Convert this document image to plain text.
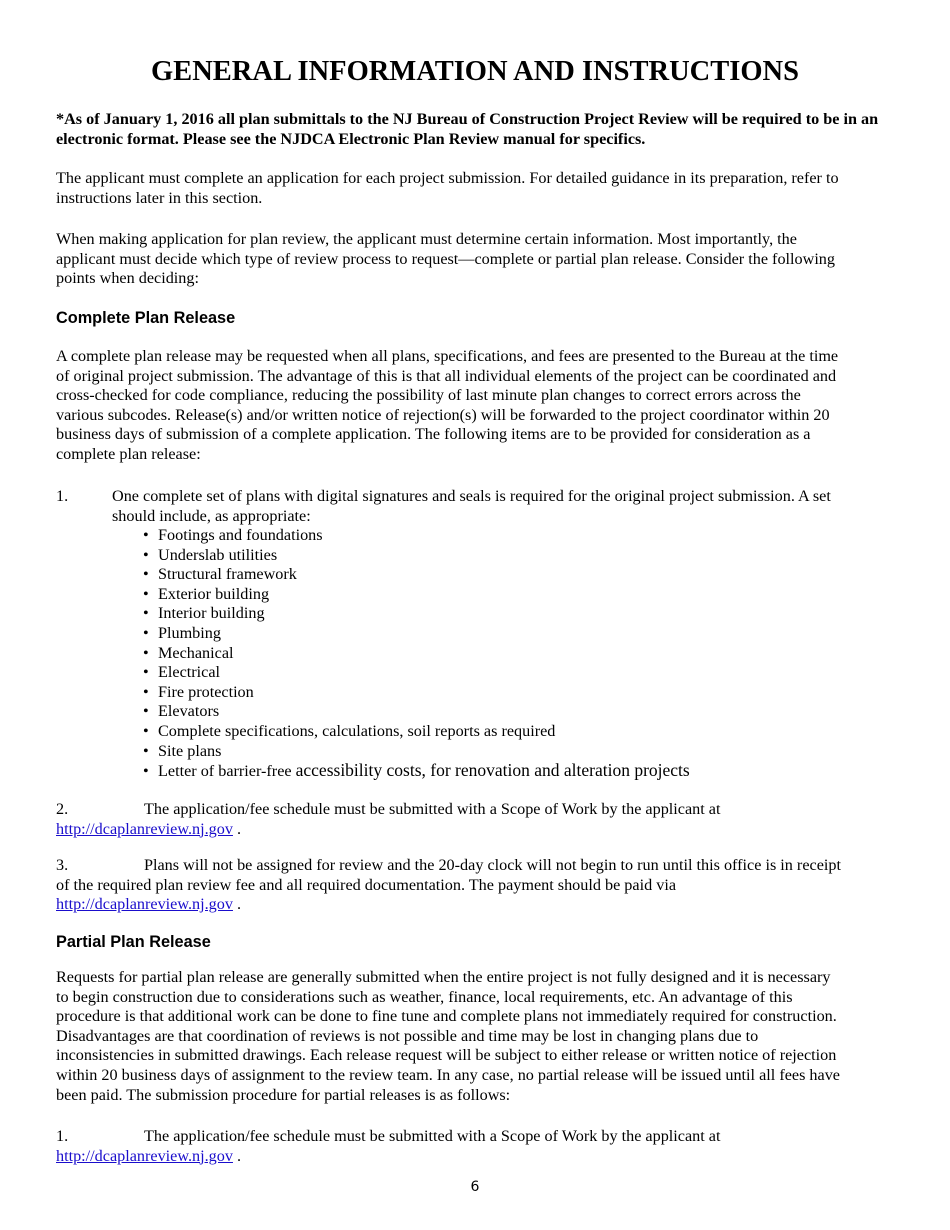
GENERAL INFORMATION AND INSTRUCTIONS

*As of January 1, 2016 all plan submittals to the NJ Bureau of Construction Project Review will be required to be in an electronic format. Please see the NJDCA Electronic Plan Review manual for specifics.

The applicant must complete an application for each project submission. For detailed guidance in its preparation, refer to instructions later in this section.

When making application for plan review, the applicant must determine certain information. Most importantly, the applicant must decide which type of review process to request—complete or partial plan release. Consider the following points when deciding:

Complete Plan Release

A complete plan release may be requested when all plans, specifications, and fees are presented to the Bureau at the time of original project submission. The advantage of this is that all individual elements of the project can be coordinated and cross-checked for code compliance, reducing the possibility of last minute plan changes to correct errors across the various subcodes. Release(s) and/or written notice of rejection(s) will be forwarded to the project coordinator within 20 business days of submission of a complete application. The following items are to be provided for consideration as a complete plan release:

1.	One complete set of plans with digital signatures and seals is required for the original project submission. A set should include, as appropriate:
• Footings and foundations
• Underslab utilities
• Structural framework
• Exterior building
• Interior building
• Plumbing
• Mechanical
• Electrical
• Fire protection
• Elevators
• Complete specifications, calculations, soil reports as required
• Site plans
• Letter of barrier-free accessibility costs, for renovation and alteration projects

2.	The application/fee schedule must be submitted with a Scope of Work by the applicant at
http://dcaplanreview.nj.gov .

3.	Plans will not be assigned for review and the 20-day clock will not begin to run until this office is in receipt of the required plan review fee and all required documentation. The payment should be paid via http://dcaplanreview.nj.gov .

Partial Plan Release

Requests for partial plan release are generally submitted when the entire project is not fully designed and it is necessary to begin construction due to considerations such as weather, finance, local requirements, etc. An advantage of this procedure is that additional work can be done to fine tune and complete plans not immediately required for construction. Disadvantages are that coordination of reviews is not possible and time may be lost in changing plans due to inconsistencies in submitted drawings. Each release request will be subject to either release or written notice of rejection within 20 business days of assignment to the review team. In any case, no partial release will be issued until all fees have been paid. The submission procedure for partial releases is as follows:

1.	The application/fee schedule must be submitted with a Scope of Work by the applicant at
http://dcaplanreview.nj.gov .

6
